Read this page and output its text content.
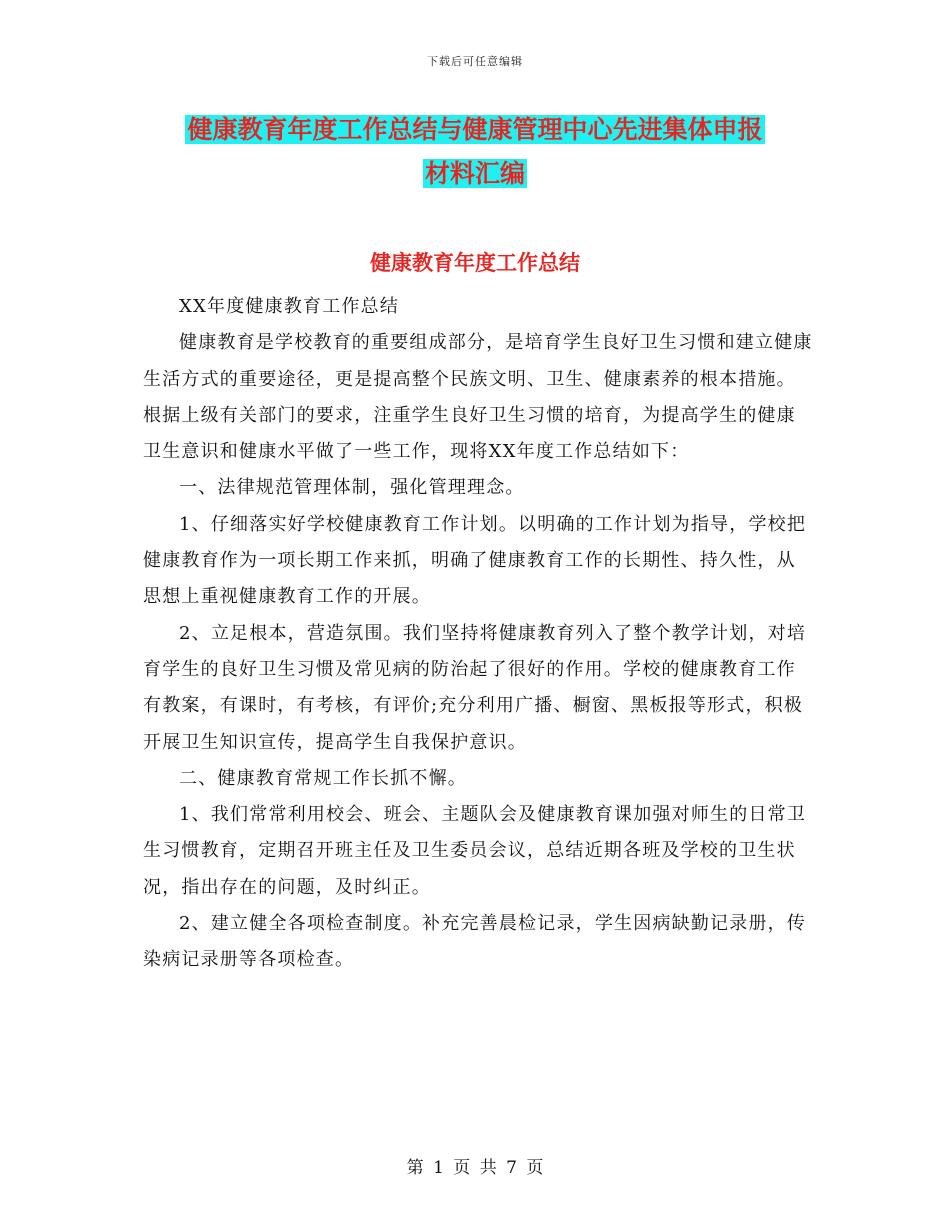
下载后可任意编辑
健康教育年度工作总结与健康管理中心先进集体申报
材料汇编
健康教育年度工作总结

XX年度健康教育工作总结

健康教育是学校教育的重要组成部分，是培育学生良好卫生习惯和建立健康生活方式的重要途径，更是提高整个民族文明、卫生、健康素养的根本措施。根据上级有关部门的要求，注重学生良好卫生习惯的培育，为提高学生的健康卫生意识和健康水平做了一些工作，现将XX年度工作总结如下：

一、法律规范管理体制，强化管理理念。

1、仔细落实好学校健康教育工作计划。以明确的工作计划为指导，学校把健康教育作为一项长期工作来抓，明确了健康教育工作的长期性、持久性，从思想上重视健康教育工作的开展。

2、立足根本，营造氛围。我们坚持将健康教育列入了整个教学计划，对培育学生的良好卫生习惯及常见病的防治起了很好的作用。学校的健康教育工作有教案，有课时，有考核，有评价;充分利用广播、橱窗、黑板报等形式，积极开展卫生知识宣传，提高学生自我保护意识。

二、健康教育常规工作长抓不懈。

1、我们常常利用校会、班会、主题队会及健康教育课加强对师生的日常卫生习惯教育，定期召开班主任及卫生委员会议，总结近期各班及学校的卫生状况，指出存在的问题，及时纠正。

2、建立健全各项检查制度。补充完善晨检记录，学生因病缺勤记录册，传染病记录册等各项检查。

第 1 页 共 7 页
